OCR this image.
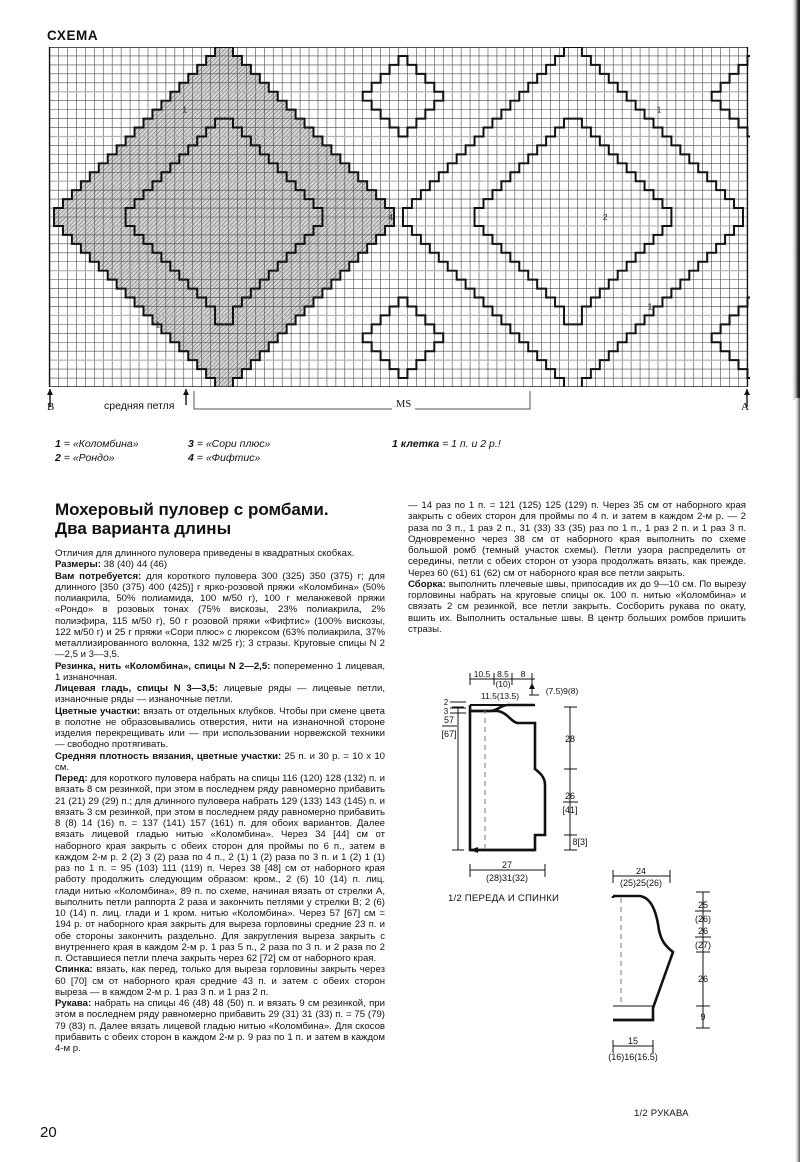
СХЕМА
1	1
1
1
4	2
B	A
средняя петля	MS
1 = «Коломбина»
2 = «Рондо»
3 = «Сори плюс»
4 = «Фифтис»
1 клетка = 1 п. и 2 р.!
Мохеровый пуловер с ромбами.
Два варианта длины

Отличия для длинного пуловера приведены в квадратных скобках.

Размеры: 38 (40) 44 (46)

Вам потребуется: для короткого пуловера 300 (325) 350 (375) г; для длинного [350 (375) 400 (425)] г ярко-розовой пряжи «Коломбина» (50% полиакрила, 50% полиамида, 100 м/50 г), 100 г меланжевой пряжи «Рондо» в розовых тонах (75% вискозы, 23% полиакрила, 2% полиэфира, 115 м/50 г), 50 г розовой пряжи «Фифтис» (100% вискозы, 122 м/50 г) и 25 г пряжи «Сори плюс» с люрексом (63% полиакрила, 37% металлизированного волокна, 132 м/25 г); 3 стразы. Круговые спицы N 2—2,5 и 3—3,5.

Резинка, нить «Коломбина», спицы N 2—2,5: попеременно 1 лицевая, 1 изнаночная.

Лицевая гладь, спицы N 3—3,5: лицевые ряды — лицевые петли, изнаночные ряды — изнаночные петли.

Цветные участки: вязать от отдельных клубков. Чтобы при смене цвета в полотне не образовывались отверстия, нити на изнаночной стороне изделия перекрещивать или — при использовании норвежской техники — свободно протягивать.

Средняя плотность вязания, цветные участки: 25 п. и 30 р. = 10 х 10 см.

Перед: для короткого пуловера набрать на спицы 116 (120) 128 (132) п. и вязать 8 см резинкой, при этом в последнем ряду равномерно прибавить 21 (21) 29 (29) п.; для длинного пуловера набрать 129 (133) 143 (145) п. и вязать 3 см резинкой, при этом в последнем ряду равномерно прибавить 8 (8) 14 (16) п. = 137 (141) 157 (161) п. для обоих вариантов. Далее вязать лицевой гладью нитью «Коломбина». Через 34 [44] см от наборного края закрыть с обеих сторон для проймы по 6 п., затем в каждом 2-м р. 2 (2) 3 (2) раза по 4 п., 2 (1) 1 (2) раза по 3 п. и 1 (2) 1 (1) раз по 1 п. = 95 (103) 111 (119) п. Через 38 [48] см от наборного края работу продолжить следующим образом: кром., 2 (6) 10 (14) п. лиц. глади нитью «Коломбина», 89 п. по схеме, начиная вязать от стрелки А, выполнить петли раппорта 2 раза и закончить петлями у стрелки В; 2 (6) 10 (14) п. лиц. глади и 1 кром. нитью «Коломбина». Через 57 [67] см = 194 р. от наборного края закрыть для выреза горловины средние 23 п. и обе стороны закончить раздельно. Для закругления выреза закрыть с внутреннего края в каждом 2-м р. 1 раз 5 п., 2 раза по 3 п. и 2 раза по 2 п. Оставшиеся петли плеча закрыть через 62 [72] см от наборного края.

Спинка: вязать, как перед, только для выреза горловины закрыть через 60 [70] см от наборного края средние 43 п. и затем с обеих сторон выреза — в каждом 2-м р. 1 раз 3 п. и 1 раз 2 п.

Рукава: набрать на спицы 46 (48) 48 (50) п. и вязать 9 см резинкой, при этом в последнем ряду равномерно прибавить 29 (31) 31 (33) п. = 75 (79) 79 (83) п. Далее вязать лицевой гладью нитью «Коломбина». Для скосов прибавить с обеих сторон в каждом 2-м р. 9 раз по 1 п. и затем в каждом 4-м р.

— 14 раз по 1 п. = 121 (125) 125 (129) п. Через 35 см от наборного края закрыть с обеих сторон для проймы по 4 п. и затем в каждом 2-м р. — 2 раза по 3 п., 1 раз 2 п., 31 (33) 33 (35) раз по 1 п., 1 раз 2 п. и 1 раз 3 п. Одновременно через 38 см от наборного края выполнить по схеме большой ромб (темный участок схемы). Петли узора распределить от середины, петли с обеих сторон от узора продолжать вязать, как прежде. Через 60 (61) 61 (62) см от наборного края все петли закрыть.

Сборка: выполнить плечевые швы, припосадив их до 9—10 см. По вырезу горловины набрать на круговые спицы ок. 100 п. нитью «Коломбина» и связать 2 см резинкой, все петли закрыть. Сосборить рукава по окату, вшить их. Выполнить остальные швы. В центр больших ромбов пришить стразы.

57
[67]
2
3
10.5 8.5
(10)
8
(7.5)9(8)
11.5(13.5)
28
26
[41]
8[3]
27
(28)31(32)
1/2 ПЕРЕДА И СПИНКИ
24
(25)25(26)
25
(26)
26
(27)
26
9
15
(16)16(16.5)
1/2 РУКАВА
20
